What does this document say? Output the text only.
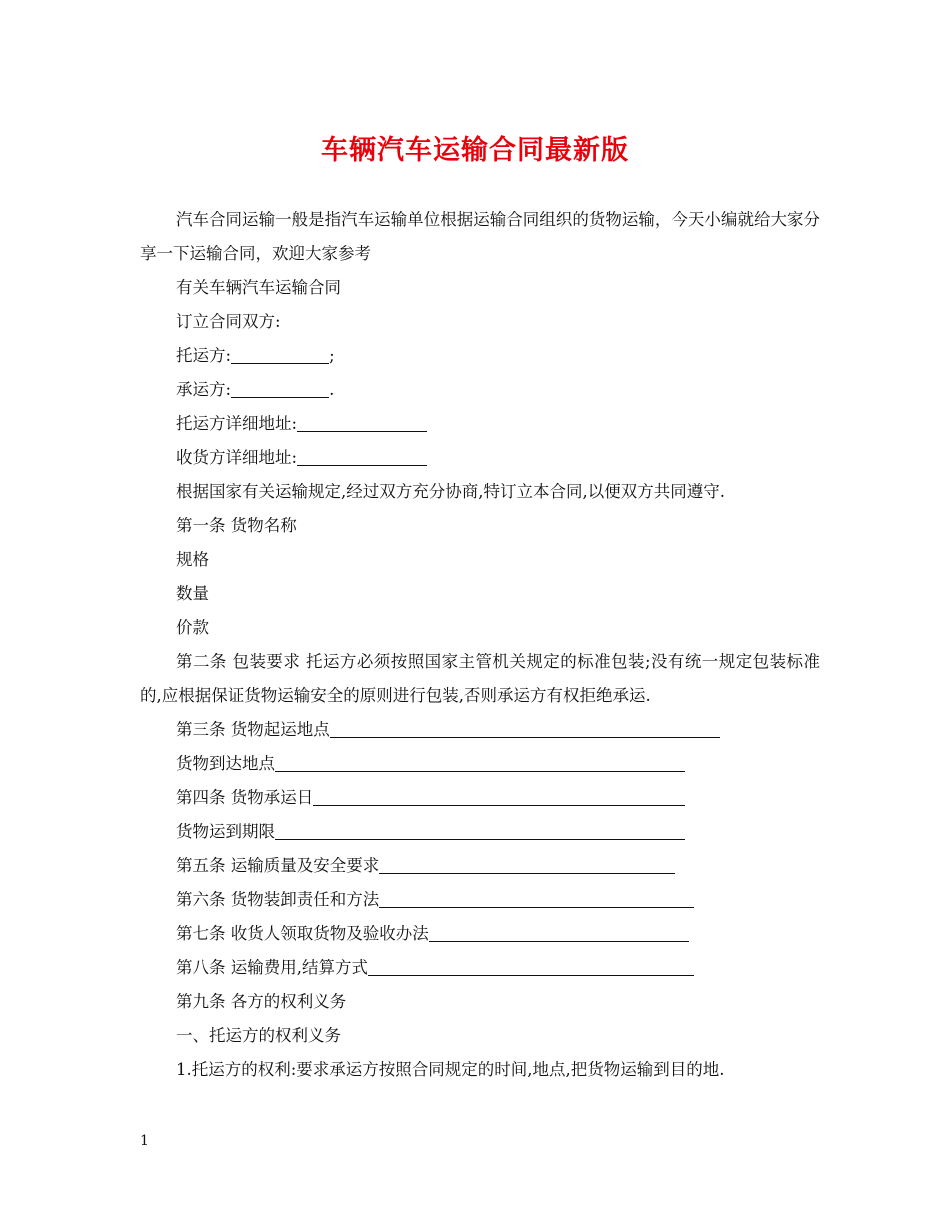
车辆汽车运输合同最新版
汽车合同运输一般是指汽车运输单位根据运输合同组织的货物运输，今天小编就给大家分享一下运输合同，欢迎大家参考
有关车辆汽车运输合同
订立合同双方:
托运方:	;
承运方:	.
托运方详细地址:
收货方详细地址:
根据国家有关运输规定,经过双方充分协商,特订立本合同,以便双方共同遵守.
第一条 货物名称
规格
数量
价款
第二条 包装要求 托运方必须按照国家主管机关规定的标准包装;没有统一规定包装标准的,应根据保证货物运输安全的原则进行包装,否则承运方有权拒绝承运.
第三条 货物起运地点
货物到达地点
第四条 货物承运日
货物运到期限
第五条 运输质量及安全要求
第六条 货物装卸责任和方法
第七条 收货人领取货物及验收办法
第八条 运输费用,结算方式
第九条 各方的权利义务
一、托运方的权利义务
1.托运方的权利:要求承运方按照合同规定的时间,地点,把货物运输到目的地.
1
